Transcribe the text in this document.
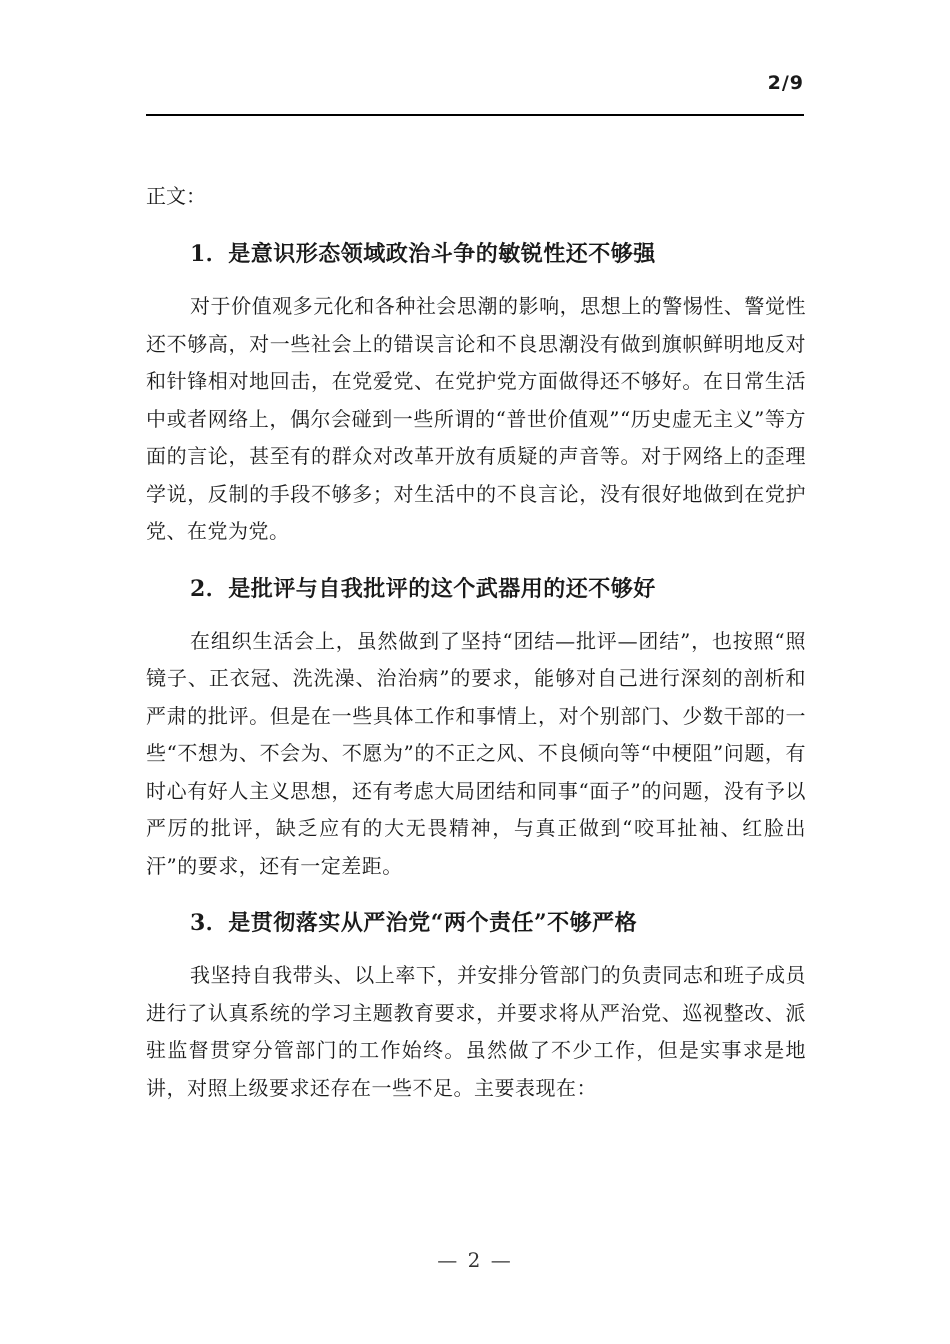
2/9
正文：
1．是意识形态领域政治斗争的敏锐性还不够强

对于价值观多元化和各种社会思潮的影响，思想上的警惕性、警觉性还不够高，对一些社会上的错误言论和不良思潮没有做到旗帜鲜明地反对和针锋相对地回击，在党爱党、在党护党方面做得还不够好。在日常生活中或者网络上，偶尔会碰到一些所谓的“普世价值观”“历史虚无主义”等方面的言论，甚至有的群众对改革开放有质疑的声音等。对于网络上的歪理学说，反制的手段不够多；对生活中的不良言论，没有很好地做到在党护党、在党为党。

2．是批评与自我批评的这个武器用的还不够好

在组织生活会上，虽然做到了坚持“团结—批评—团结”，也按照“照镜子、正衣冠、洗洗澡、治治病”的要求，能够对自己进行深刻的剖析和严肃的批评。但是在一些具体工作和事情上，对个别部门、少数干部的一些“不想为、不会为、不愿为”的不正之风、不良倾向等“中梗阻”问题，有时心有好人主义思想，还有考虑大局团结和同事“面子”的问题，没有予以严厉的批评，缺乏应有的大无畏精神，与真正做到“咬耳扯袖、红脸出汗”的要求，还有一定差距。

3．是贯彻落实从严治党“两个责任”不够严格

我坚持自我带头、以上率下，并安排分管部门的负责同志和班子成员进行了认真系统的学习主题教育要求，并要求将从严治党、巡视整改、派驻监督贯穿分管部门的工作始终。虽然做了不少工作，但是实事求是地讲，对照上级要求还存在一些不足。主要表现在：

— 2 —
